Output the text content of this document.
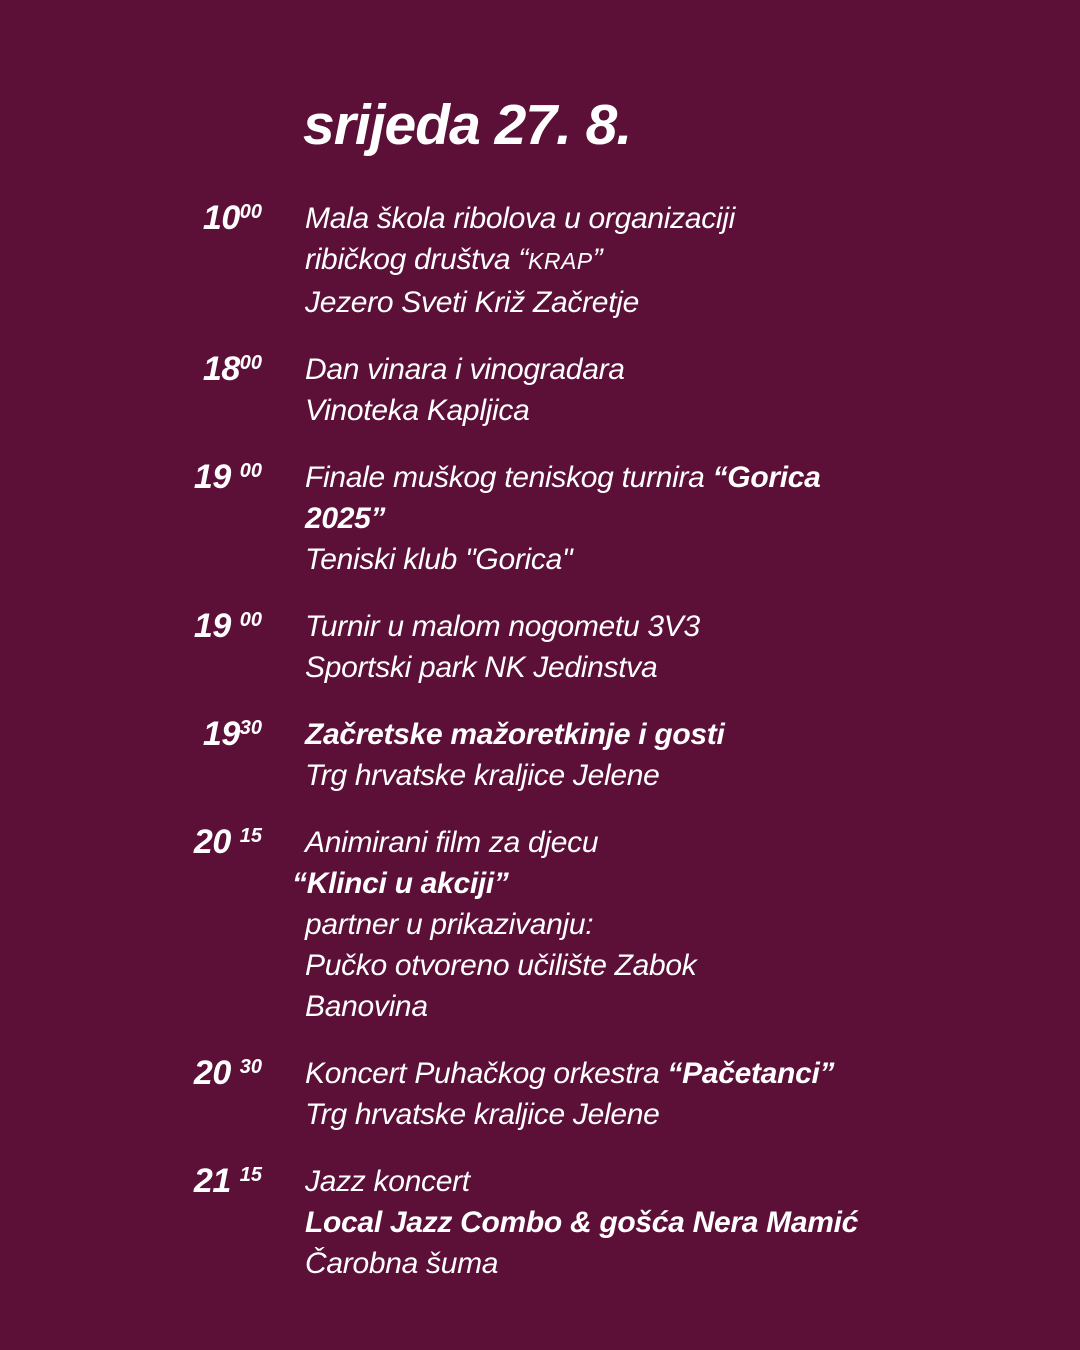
srijeda 27. 8.
1000 Mala škola ribolova u organizaciji
ribičkog društva “KRAP”
Jezero Sveti Križ Začretje
1800 Dan vinara i vinogradara
Vinoteka Kapljica
19 00 Finale muškog teniskog turnira “Gorica
2025”
Teniski klub "Gorica"
19 00 Turnir u malom nogometu 3V3
Sportski park NK Jedinstva
1930 Začretske mažoretkinje i gosti
Trg hrvatske kraljice Jelene
20 15 Animirani film za djecu
“Klinci u akciji”
partner u prikazivanju:
Pučko otvoreno učilište Zabok
Banovina
20 30 Koncert Puhačkog orkestra “Pačetanci”
Trg hrvatske kraljice Jelene
21 15 Jazz koncert
Local Jazz Combo & gošća Nera Mamić
Čarobna šuma
